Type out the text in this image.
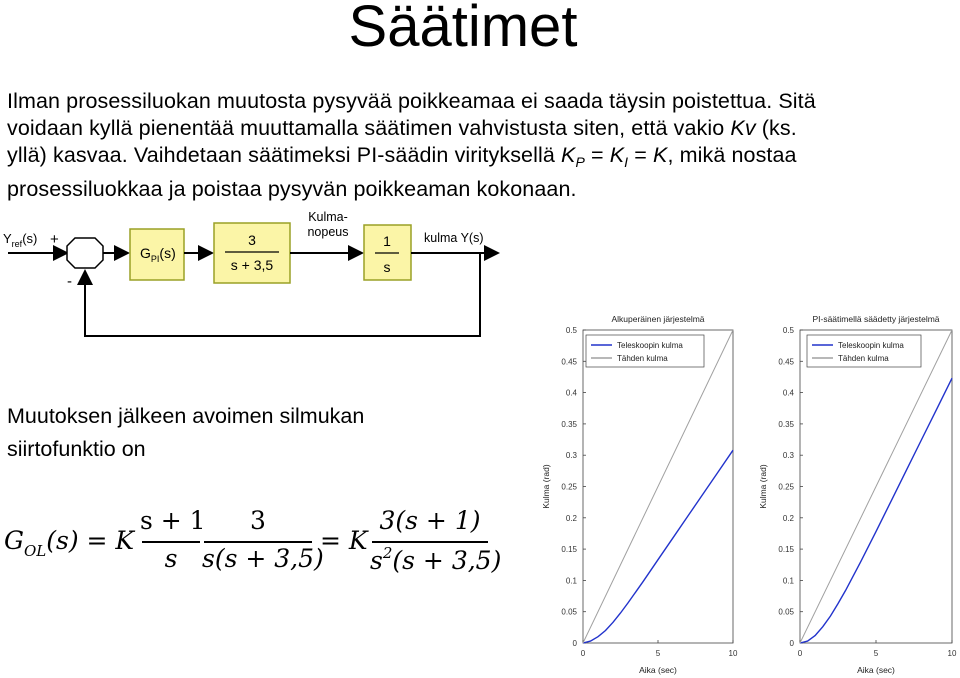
Säätimet
Ilman prosessiluokan muutosta pysyvää poikkeamaa ei saada täysin poistettua. Sitä
voidaan kyllä pienentää muuttamalla säätimen vahvistusta siten, että vakio Kv (ks.
yllä) kasvaa. Vaihdetaan säätimeksi PI-säädin virityksellä $K_P = K_I = K$, mikä nostaa
prosessiluokkaa ja poistaa pysyvän poikkeaman kokonaan.
$Y_{ref}(s)$ +
-
$G_{PI}(s)$
3
s + 3,5
Kulma-
nopeus
1
s
kulma Y(s)
Muutoksen jälkeen avoimen silmukan
siirtofunktio on
$G_{OL}(s) = K$
s + 1
s
3
s(s + 3,5)
= K
3(s + 1)
$s^2(s + 3,5)$
Alkuperäinen järjestelmä
0
0.05
0.1
0.15
0.2
0.25
0.3
0.35
0.4
0.45
0.5
0	5	10
Aika (sec)
Kulma (rad)
Teleskoopin kulma
Tähden kulma
PI-säätimellä säädetty järjestelmä
0
0.05
0.1
0.15
0.2
0.25
0.3
0.35
0.4
0.45
0.5
0	5	10
Aika (sec)
Kulma (rad)
Teleskoopin kulma
Tähden kulma
